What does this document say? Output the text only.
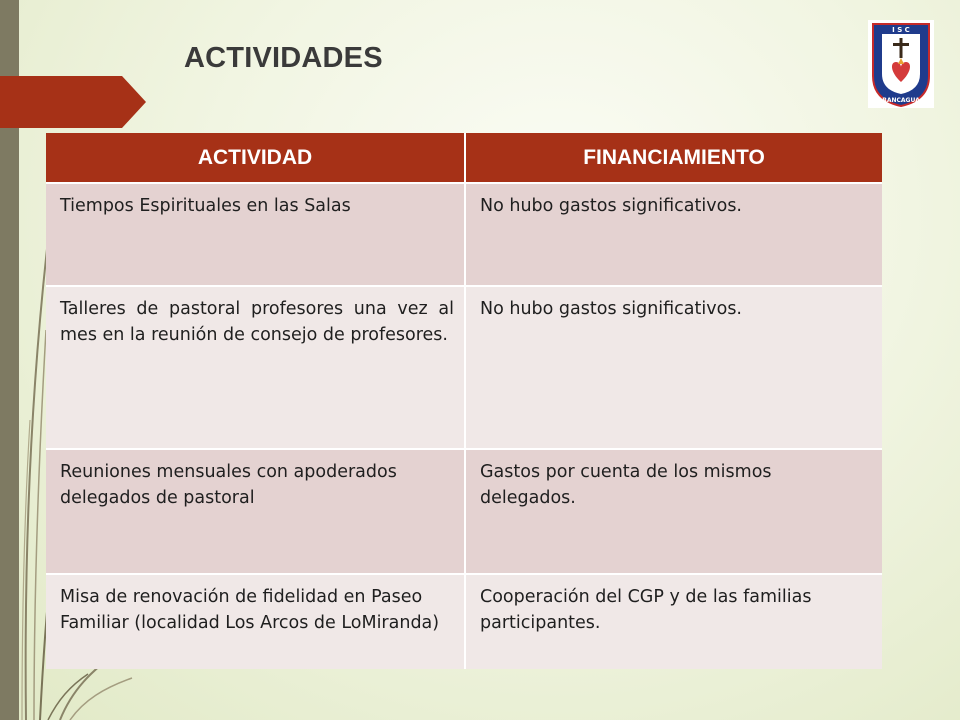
ACTIVIDADES
I S C
RANCAGUA
ACTIVIDAD	FINANCIAMIENTO
Tiempos Espirituales en las Salas	No hubo gastos significativos.
Talleres de pastoral profesores una vez al mes en la reunión de consejo de profesores.	No hubo gastos significativos.
Reuniones mensuales con apoderados delegados de pastoral	Gastos por cuenta de los mismos delegados.
Misa de renovación de fidelidad en Paseo Familiar (localidad Los Arcos de LoMiranda)	Cooperación del CGP y de las familias participantes.
